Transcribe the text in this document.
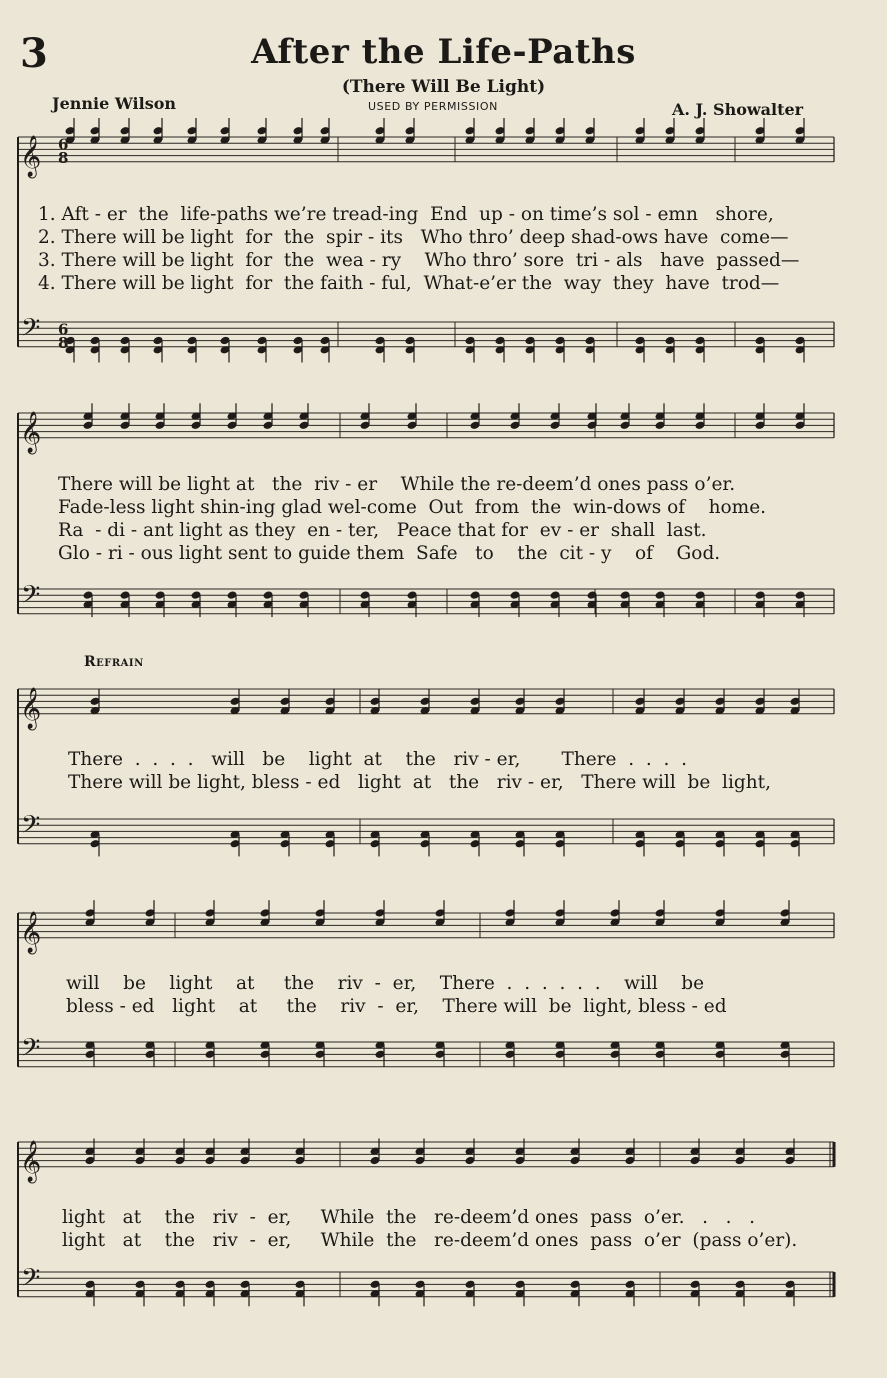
3	After the Life-Paths
(There Will Be Light)
Jennie Wilson	USED BY PERMISSION	A. J. Showalter
𝄞
𝄢
𝄞
𝄢
𝄞
𝄢
𝄞
𝄢
𝄞
𝄢
6
8
6
8
1. Aft - er  the  life-paths we’re tread-ing  End  up - on time’s sol - emn   shore,
2. There will be light  for  the  spir - its   Who thro’ deep shad-ows have  come—
3. There will be light  for  the  wea - ry    Who thro’ sore  tri - als   have  passed—
4. There will be light  for  the faith - ful,  What-e’er the  way  they  have  trod—
There will be light at   the  riv - er    While the re-deem’d ones pass o’er.
Fade-less light shin-ing glad wel-come  Out  from  the  win-dows of    home.
Ra  - di - ant light as they  en - ter,   Peace that for  ev - er  shall  last.
Glo - ri - ous light sent to guide them  Safe   to    the  cit - y    of    God.
Refrain
There  .  .  .  .   will   be    light  at    the   riv - er,       There  .  .  .  .
There will be light, bless - ed   light  at   the   riv - er,   There will  be  light,
will    be    light    at     the    riv  -  er,    There  .  .  .  .  .  .    will    be
bless - ed   light    at     the    riv  -  er,    There will  be  light, bless - ed
light   at    the   riv  -  er,     While  the   re-deem’d ones  pass  o’er.   .   .   .
light   at    the   riv  -  er,     While  the   re-deem’d ones  pass  o’er  (pass o’er).
